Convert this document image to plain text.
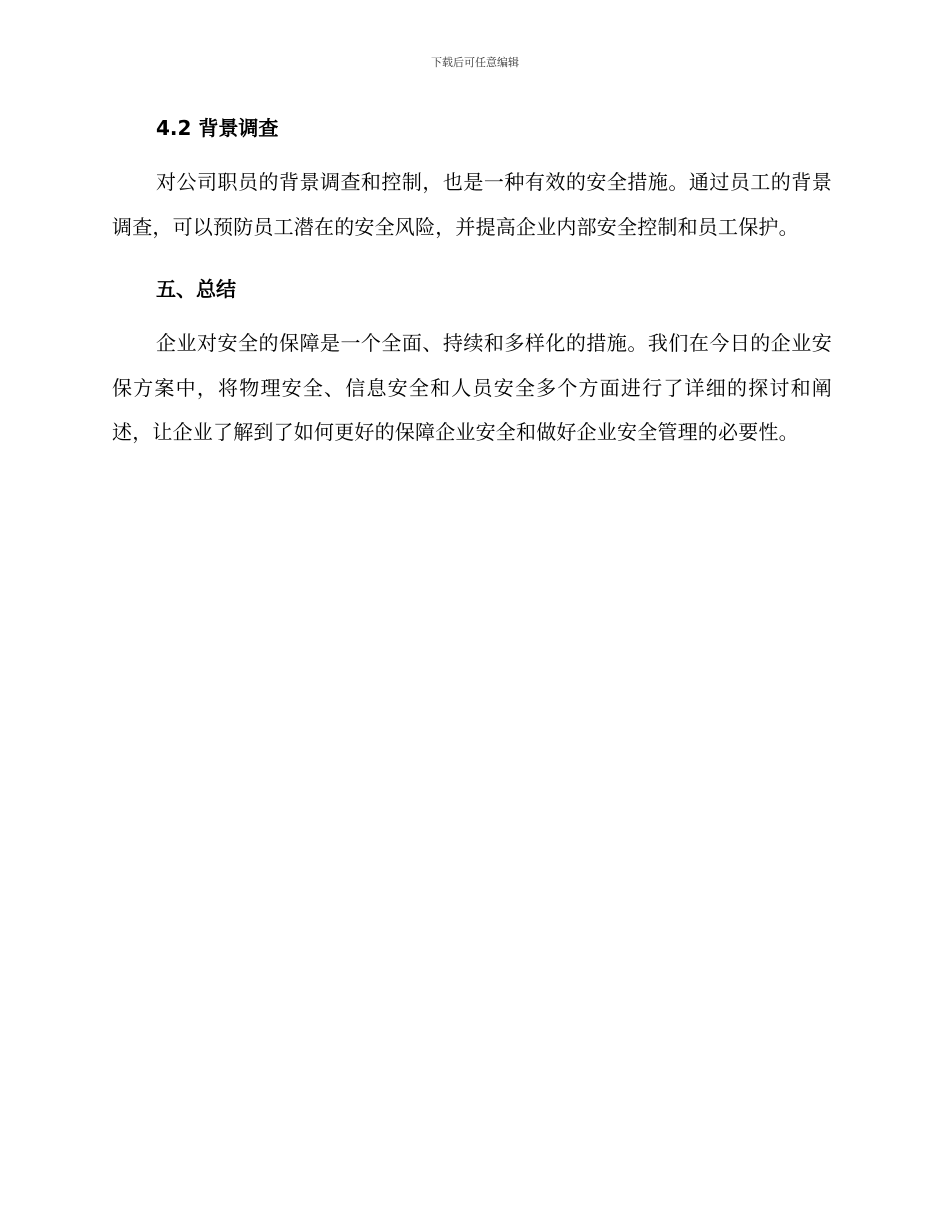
下载后可任意编辑
4.2 背景调查

对公司职员的背景调查和控制，也是一种有效的安全措施。通过员工的背景调查，可以预防员工潜在的安全风险，并提高企业内部安全控制和员工保护。

五、总结

企业对安全的保障是一个全面、持续和多样化的措施。我们在今日的企业安保方案中，将物理安全、信息安全和人员安全多个方面进行了详细的探讨和阐述，让企业了解到了如何更好的保障企业安全和做好企业安全管理的必要性。
